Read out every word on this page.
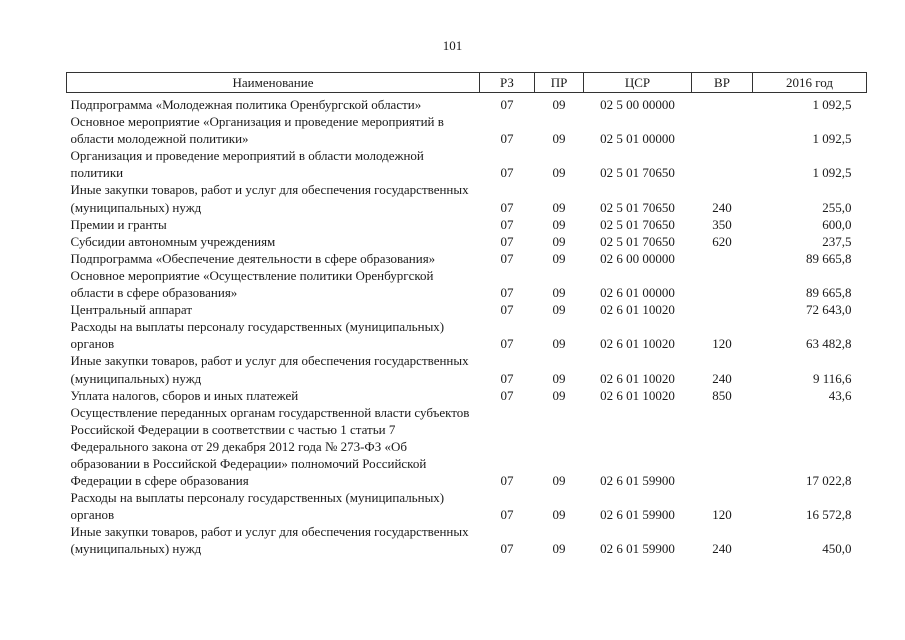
101
Наименование	РЗ	ПР	ЦСР	ВР	2016 год
Подпрограмма «Молодежная политика Оренбургской области»	07	09	02 5 00 00000		1 092,5
Основное мероприятие «Организация и проведение мероприятий в области молодежной политики»	07	09	02 5 01 00000		1 092,5
Организация и проведение мероприятий в области молодежной политики	07	09	02 5 01 70650		1 092,5
Иные закупки товаров, работ и услуг для обеспечения государственных (муниципальных) нужд	07	09	02 5 01 70650	240	255,0
Премии и гранты	07	09	02 5 01 70650	350	600,0
Субсидии автономным учреждениям	07	09	02 5 01 70650	620	237,5
Подпрограмма «Обеспечение деятельности в сфере образования»	07	09	02 6 00 00000		89 665,8
Основное мероприятие «Осуществление политики Оренбургской области в сфере образования»	07	09	02 6 01 00000		89 665,8
Центральный аппарат	07	09	02 6 01 10020		72 643,0
Расходы на выплаты персоналу государственных (муниципальных) органов	07	09	02 6 01 10020	120	63 482,8
Иные закупки товаров, работ и услуг для обеспечения государственных (муниципальных) нужд	07	09	02 6 01 10020	240	9 116,6
Уплата налогов, сборов и иных платежей	07	09	02 6 01 10020	850	43,6
Осуществление переданных органам государственной власти субъектов Российской Федерации в соответствии с частью 1 статьи 7 Федерального закона от 29 декабря 2012 года № 273-ФЗ «Об образовании в Российской Федерации» полномочий Российской Федерации в сфере образования	07	09	02 6 01 59900		17 022,8
Расходы на выплаты персоналу государственных (муниципальных) органов	07	09	02 6 01 59900	120	16 572,8
Иные закупки товаров, работ и услуг для обеспечения государственных (муниципальных) нужд	07	09	02 6 01 59900	240	450,0
